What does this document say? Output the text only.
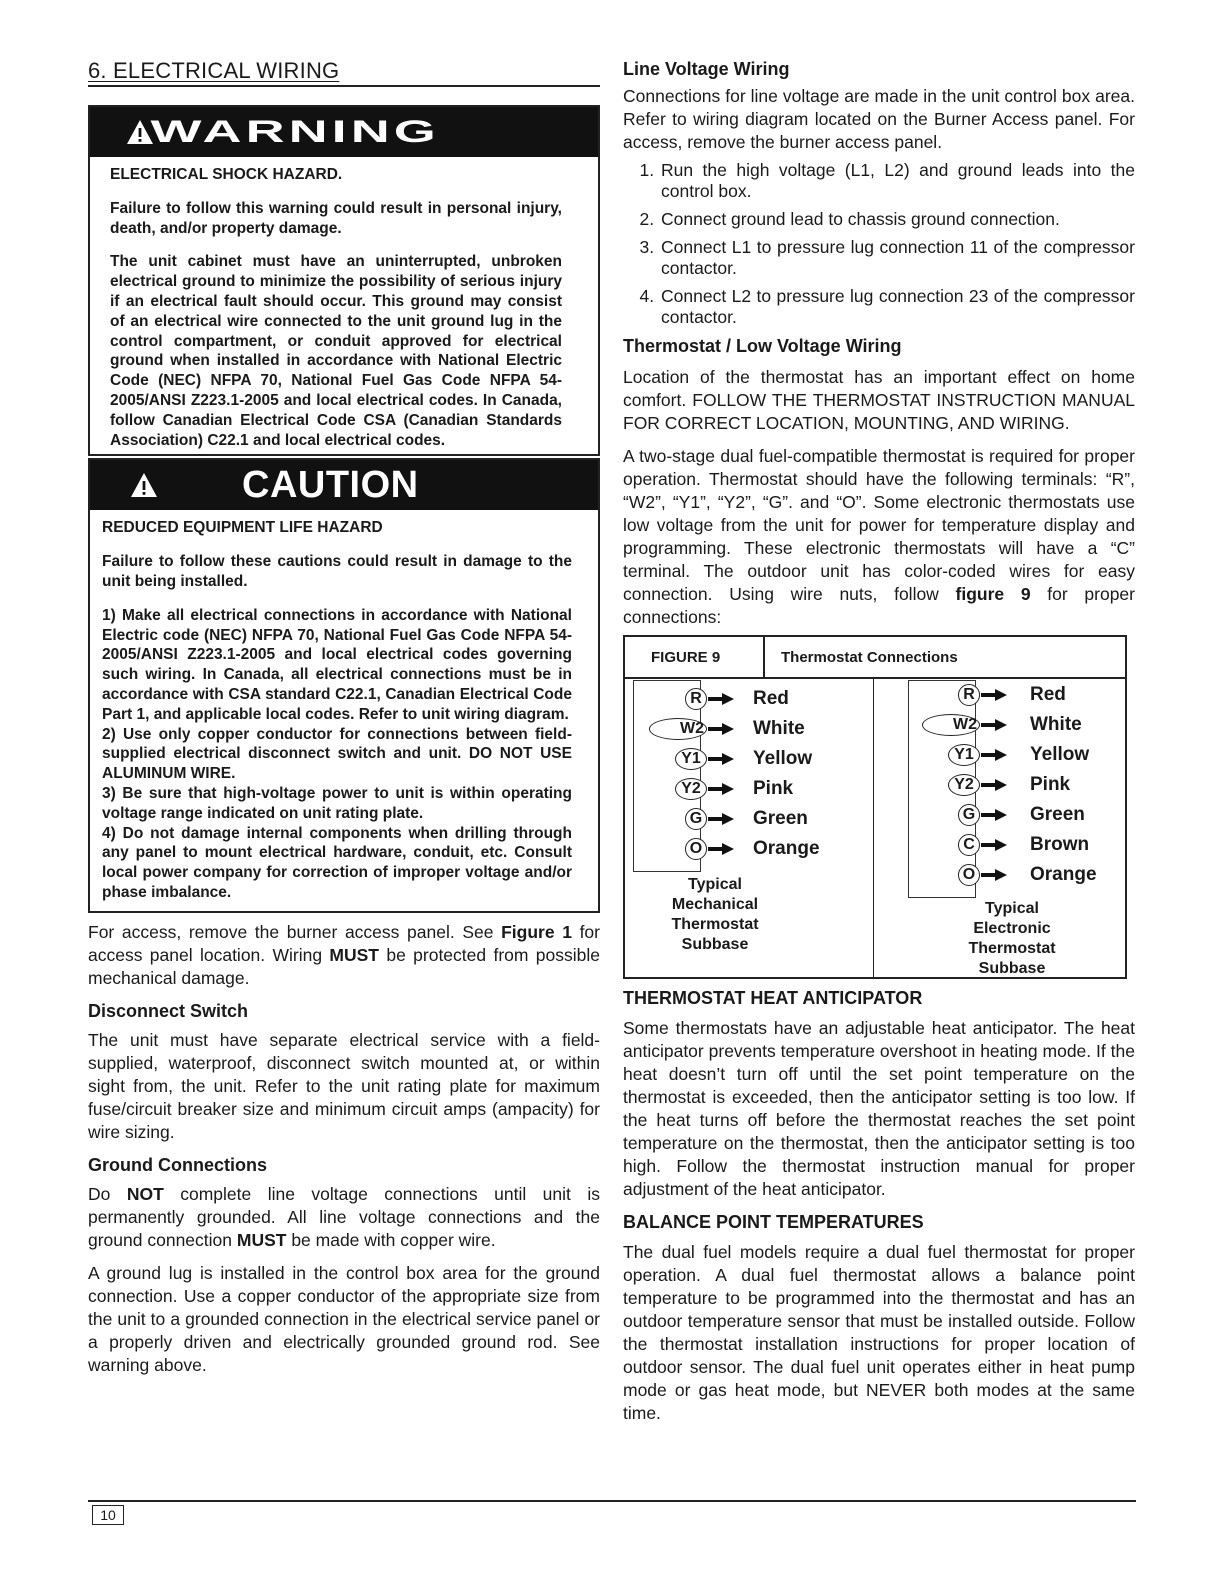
6. ELECTRICAL WIRING
WARNING

ELECTRICAL SHOCK HAZARD.

Failure to follow this warning could result in personal injury, death, and/or property damage.

The unit cabinet must have an uninterrupted, unbroken electrical ground to minimize the possibility of serious injury if an electrical fault should occur. This ground may consist of an electrical wire connected to the unit ground lug in the control compartment, or conduit approved for electrical ground when installed in accordance with National Electric Code (NEC) NFPA 70, National Fuel Gas Code NFPA 54-2005/ANSI Z223.1-2005 and local electrical codes. In Canada, follow Canadian Electrical Code CSA (Canadian Standards Association) C22.1 and local electrical codes.

CAUTION

REDUCED EQUIPMENT LIFE HAZARD

Failure to follow these cautions could result in damage to the unit being installed.

1) Make all electrical connections in accordance with National Electric code (NEC) NFPA 70, National Fuel Gas Code NFPA 54-2005/ANSI Z223.1-2005 and local electrical codes governing such wiring. In Canada, all electrical connections must be in accordance with CSA standard C22.1, Canadian Electrical Code Part 1, and applicable local codes. Refer to unit wiring diagram.

2) Use only copper conductor for connections between field-supplied electrical disconnect switch and unit. DO NOT USE ALUMINUM WIRE.

3) Be sure that high-voltage power to unit is within operating voltage range indicated on unit rating plate.

4) Do not damage internal components when drilling through any panel to mount electrical hardware, conduit, etc. Consult local power company for correction of improper voltage and/or phase imbalance.

For access, remove the burner access panel. See Figure 1 for access panel location. Wiring MUST be protected from possible mechanical damage.

Disconnect Switch

The unit must have separate electrical service with a field-supplied, waterproof, disconnect switch mounted at, or within sight from, the unit. Refer to the unit rating plate for maximum fuse/circuit breaker size and minimum circuit amps (ampacity) for wire sizing.

Ground Connections

Do NOT complete line voltage connections until unit is permanently grounded. All line voltage connections and the ground connection MUST be made with copper wire.

A ground lug is installed in the control box area for the ground connection. Use a copper conductor of the appropriate size from the unit to a grounded connection in the electrical service panel or a properly driven and electrically grounded ground rod. See warning above.

Line Voltage Wiring

Connections for line voltage are made in the unit control box area. Refer to wiring diagram located on the Burner Access panel. For access, remove the burner access panel.

1. Run the high voltage (L1, L2) and ground leads into the control box.
2. Connect ground lead to chassis ground connection.
3. Connect L1 to pressure lug connection 11 of the compressor contactor.
4. Connect L2 to pressure lug connection 23 of the compressor contactor.
Thermostat / Low Voltage Wiring

Location of the thermostat has an important effect on home comfort. FOLLOW THE THERMOSTAT INSTRUCTION MANUAL FOR CORRECT LOCATION, MOUNTING, AND WIRING.

A two-stage dual fuel-compatible thermostat is required for proper operation. Thermostat should have the following terminals: “R”, “W2”, “Y1”, “Y2”, “G”. and “O”. Some electronic thermostats use low voltage from the unit for power for temperature display and programming. These electronic thermostats will have a “C” terminal. The outdoor unit has color-coded wires for easy connection. Using wire nuts, follow figure 9 for proper connections:

FIGURE 9	Thermostat Connections
R	Red
W2	White
Y1	Yellow
Y2	Pink
G	Green
O	Orange
Typical
Mechanical
Thermostat
Subbase
R	Red
W2	White
Y1	Yellow
Y2	Pink
G	Green
C	Brown
O	Orange
Typical
Electronic
Thermostat
Subbase
THERMOSTAT HEAT ANTICIPATOR

Some thermostats have an adjustable heat anticipator. The heat anticipator prevents temperature overshoot in heating mode. If the heat doesn’t turn off until the set point temperature on the thermostat is exceeded, then the anticipator setting is too low. If the heat turns off before the thermostat reaches the set point temperature on the thermostat, then the anticipator setting is too high. Follow the thermostat instruction manual for proper adjustment of the heat anticipator.

BALANCE POINT TEMPERATURES

The dual fuel models require a dual fuel thermostat for proper operation. A dual fuel thermostat allows a balance point temperature to be programmed into the thermostat and has an outdoor temperature sensor that must be installed outside. Follow the thermostat installation instructions for proper location of outdoor sensor. The dual fuel unit operates either in heat pump mode or gas heat mode, but NEVER both modes at the same time.

10
